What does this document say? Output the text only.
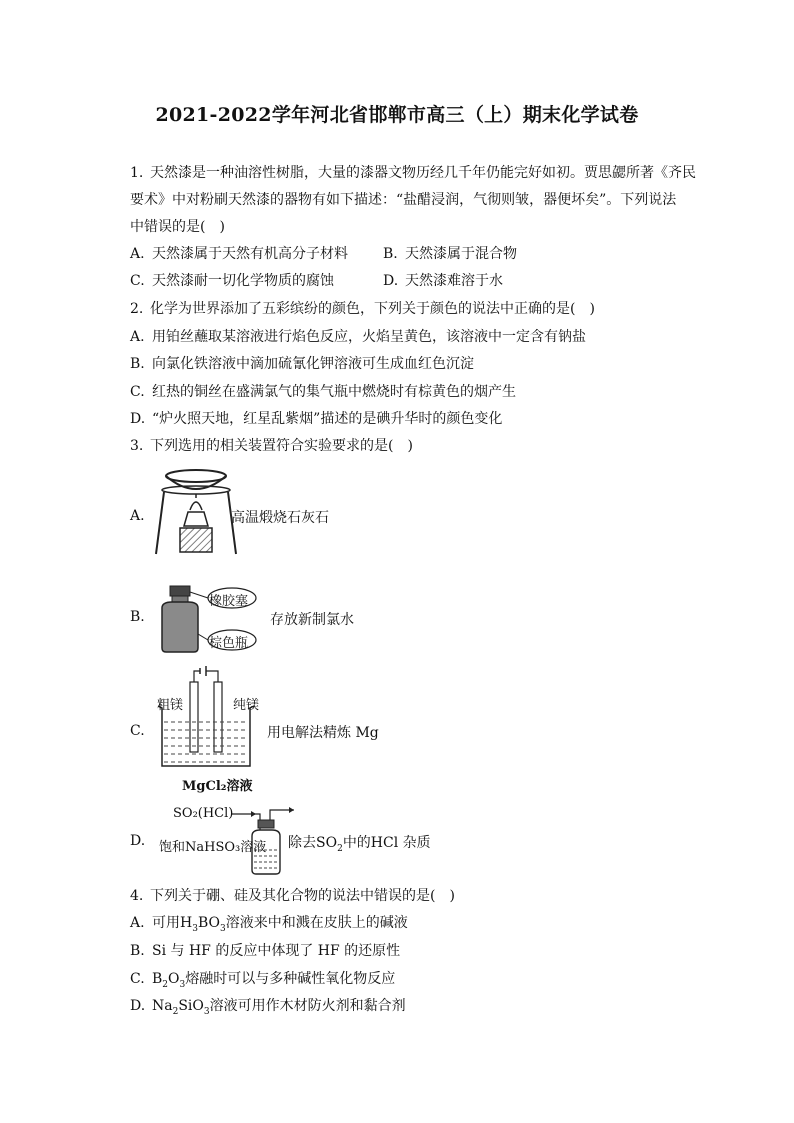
2021-2022学年河北省邯郸市高三（上）期末化学试卷
1. 天然漆是一种油溶性树脂，大量的漆器文物历经几千年仍能完好如初。贾思勰所著《齐民
要术》中对粉刷天然漆的器物有如下描述：“盐醋浸润，气彻则皱，器便坏矣”。下列说法
中错误的是(　)
A. 天然漆属于天然有机高分子材料	B. 天然漆属于混合物
C. 天然漆耐一切化学物质的腐蚀	D. 天然漆难溶于水
2. 化学为世界添加了五彩缤纷的颜色，下列关于颜色的说法中正确的是(　)
A. 用铂丝蘸取某溶液进行焰色反应，火焰呈黄色，该溶液中一定含有钠盐
B. 向氯化铁溶液中滴加硫氰化钾溶液可生成血红色沉淀
C. 红热的铜丝在盛满氯气的集气瓶中燃烧时有棕黄色的烟产生
D. “炉火照天地，红星乱紫烟”描述的是碘升华时的颜色变化
3. 下列选用的相关装置符合实验要求的是(　)
A.	高温煅烧石灰石
B.
橡胶塞
棕色瓶
存放新制氯水
C.
粗镁	纯镁
MgCl₂溶液
用电解法精炼 Mg
D.
SO₂(HCl)
饱和NaHSO₃溶液 除去$SO_2$中的HCl 杂质
4. 下列关于硼、硅及其化合物的说法中错误的是(　)
A. 可用$H_3BO_3$溶液来中和溅在皮肤上的碱液
B. Si 与 HF 的反应中体现了 HF 的还原性
C. $B_2O_3$熔融时可以与多种碱性氧化物反应
D. $Na_2SiO_3$溶液可用作木材防火剂和黏合剂
